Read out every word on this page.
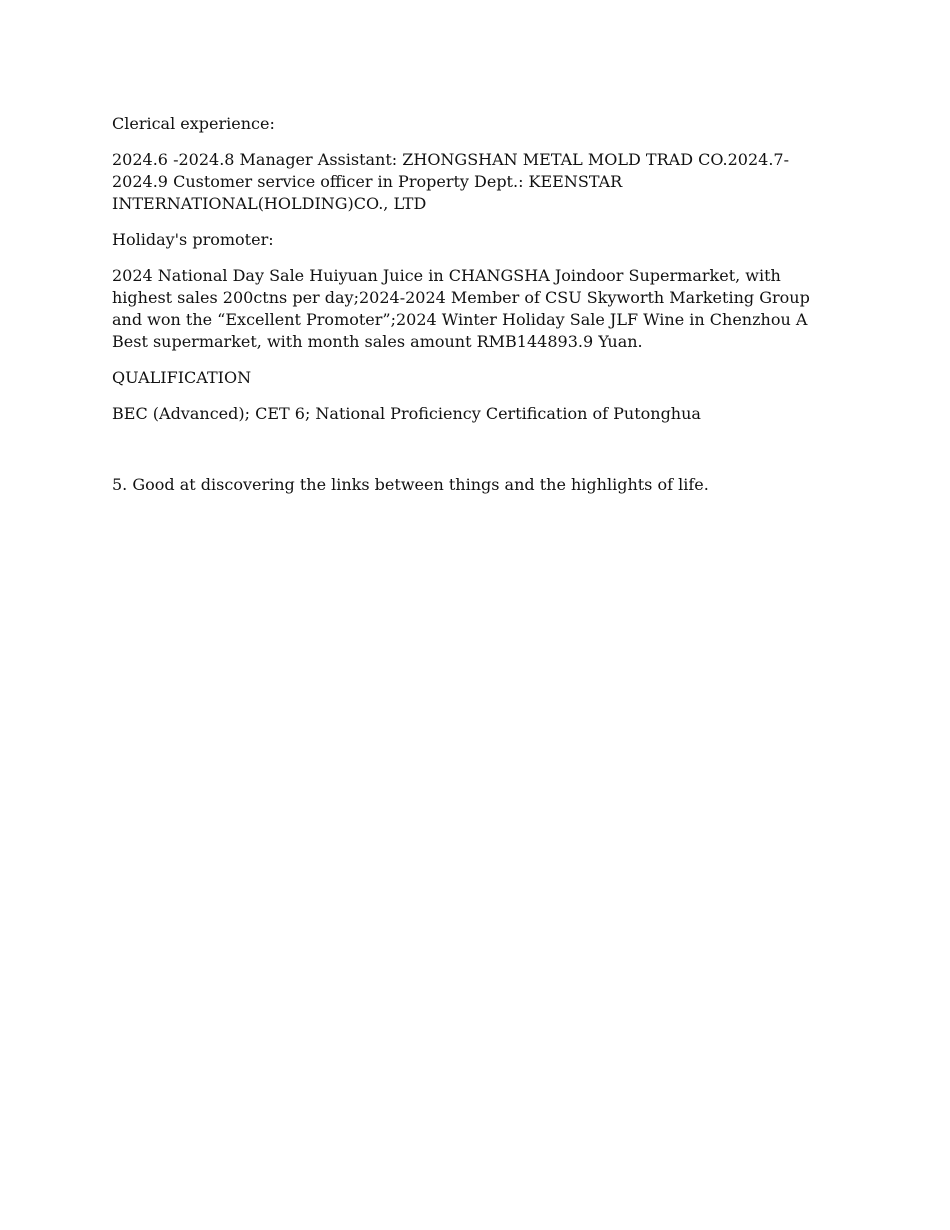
Clerical experience:

2024.6 -2024.8 Manager Assistant: ZHONGSHAN METAL MOLD TRAD CO.2024.7-2024.9 Customer service officer in Property Dept.: KEENSTAR INTERNATIONAL(HOLDING)CO., LTD

Holiday's promoter:

2024 National Day Sale Huiyuan Juice in CHANGSHA Joindoor Supermarket, with highest sales 200ctns per day;2024-2024 Member of CSU Skyworth Marketing Group and won the “Excellent Promoter”;2024 Winter Holiday Sale JLF Wine in Chenzhou A Best supermarket, with month sales amount RMB144893.9 Yuan.

QUALIFICATION

BEC (Advanced); CET 6; National Proficiency Certification of Putonghua

5. Good at discovering the links between things and the highlights of life.
